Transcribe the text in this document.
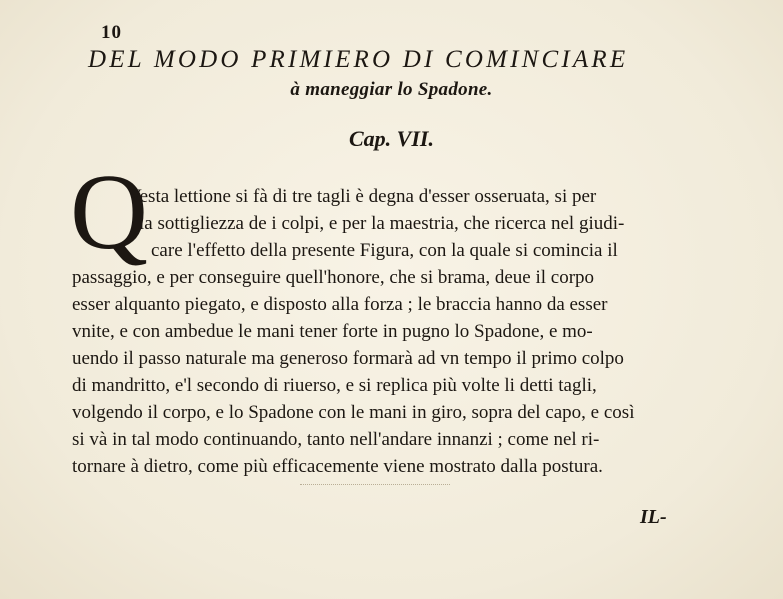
10
DEL MODO PRIMIERO DI COMINCIARE
à maneggiar lo Spadone.
Cap. VII.
Q
Vesta lettione si fà di tre tagli è degna d'esser osseruata, si per
la sottigliezza de i colpi, e per la maestria, che ricerca nel giudi-
care l'effetto della presente Figura, con la quale si comincia il
passaggio, e per conseguire quell'honore, che si brama, deue il corpo
esser alquanto piegato, e disposto alla forza ; le braccia hanno da esser
vnite, e con ambedue le mani tener forte in pugno lo Spadone, e mo-
uendo il passo naturale ma generoso formarà ad vn tempo il primo colpo
di mandritto, e'l secondo di riuerso, e si replica più volte li detti tagli,
volgendo il corpo, e lo Spadone con le mani in giro, sopra del capo, e così
si và in tal modo continuando, tanto nell'andare innanzi ; come nel ri-
tornare à dietro, come più efficacemente viene mostrato dalla postura.
IL-
